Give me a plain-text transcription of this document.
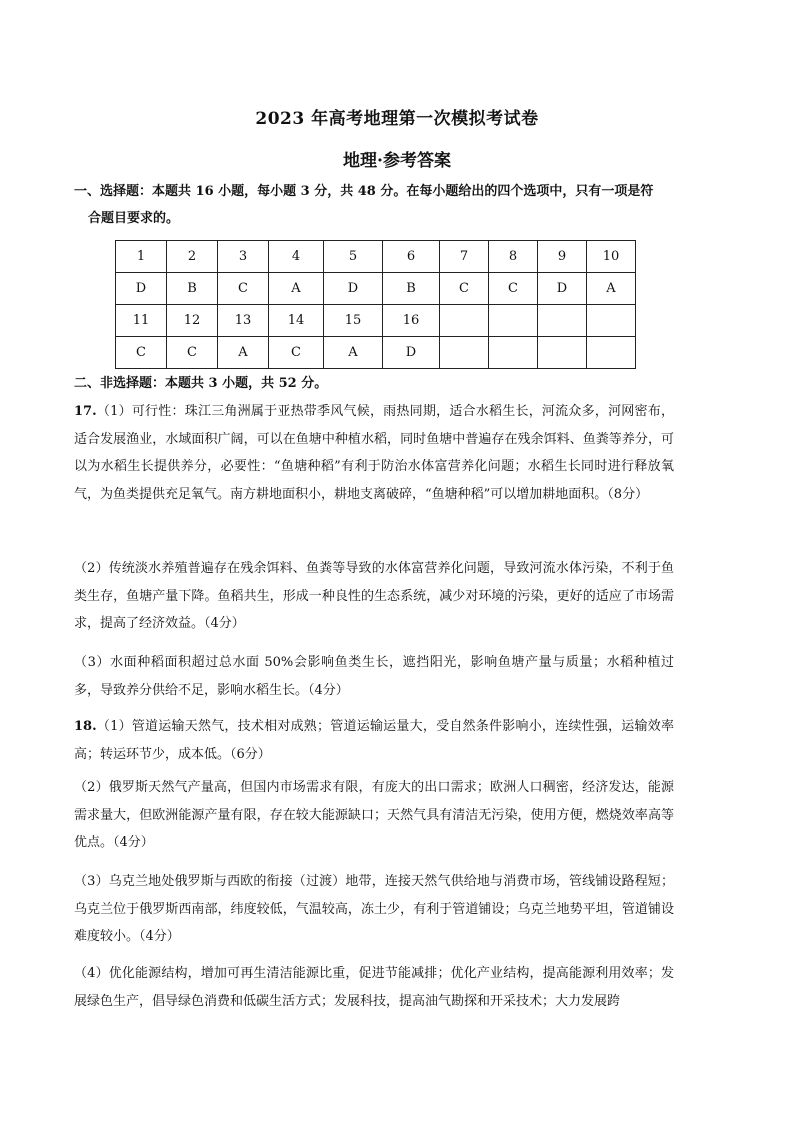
2023 年高考地理第一次模拟考试卷
地理·参考答案
一、选择题：本题共 16 小题，每小题 3 分，共 48 分。在每小题给出的四个选项中，只有一项是符
合题目要求的。
1	2	3	4	5	6	7	8	9	10
D	B	C	A	D	B	C	C	D	A
11	12	13	14	15	16				
C	C	A	C	A	D				
二、非选择题：本题共 3 小题，共 52 分。
17.（1）可行性：珠江三角洲属于亚热带季风气候，雨热同期，适合水稻生长，河流众多，河网密布，适合发展渔业，水域面积广阔，可以在鱼塘中种植水稻，同时鱼塘中普遍存在残余饵料、鱼粪等养分，可以为水稻生长提供养分，必要性：“鱼塘种稻”有利于防治水体富营养化问题；水稻生长同时进行释放氧气，为鱼类提供充足氧气。南方耕地面积小，耕地支离破碎，“鱼塘种稻”可以增加耕地面积。（8分）
（2）传统淡水养殖普遍存在残余饵料、鱼粪等导致的水体富营养化问题，导致河流水体污染，不利于鱼类生存，鱼塘产量下降。鱼稻共生，形成一种良性的生态系统，减少对环境的污染，更好的适应了市场需求，提高了经济效益。（4分）
（3）水面种稻面积超过总水面 50%会影响鱼类生长，遮挡阳光，影响鱼塘产量与质量；水稻种植过多，导致养分供给不足，影响水稻生长。（4分）
18.（1）管道运输天然气，技术相对成熟；管道运输运量大，受自然条件影响小，连续性强，运输效率高；转运环节少，成本低。（6分）
（2）俄罗斯天然气产量高，但国内市场需求有限，有庞大的出口需求；欧洲人口稠密，经济发达，能源需求量大，但欧洲能源产量有限，存在较大能源缺口；天然气具有清洁无污染，使用方便，燃烧效率高等优点。（4分）
（3）乌克兰地处俄罗斯与西欧的衔接（过渡）地带，连接天然气供给地与消费市场，管线铺设路程短；乌克兰位于俄罗斯西南部，纬度较低，气温较高，冻土少，有利于管道铺设；乌克兰地势平坦，管道铺设难度较小。（4分）
（4）优化能源结构，增加可再生清洁能源比重，促进节能减排；优化产业结构，提高能源利用效率；发展绿色生产，倡导绿色消费和低碳生活方式；发展科技，提高油气勘探和开采技术；大力发展跨
